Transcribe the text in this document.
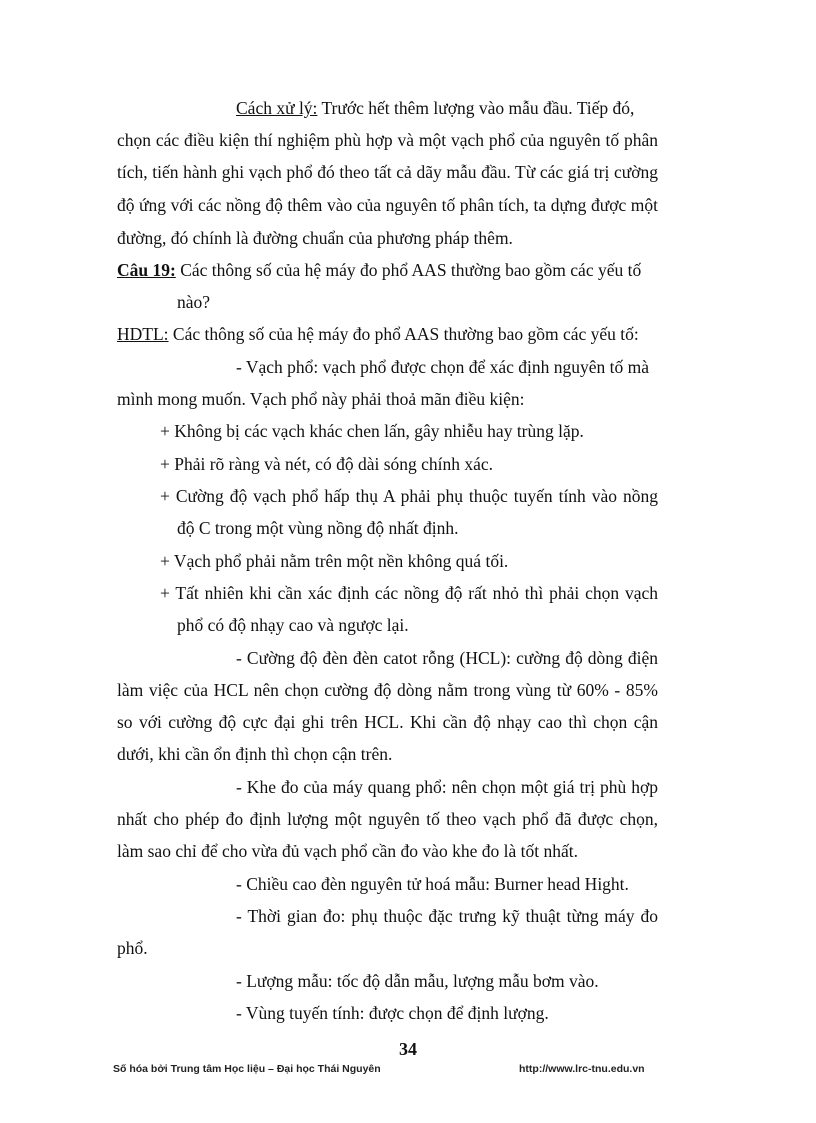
Cách xử lý: Trước hết thêm lượng vào mẫu đầu. Tiếp đó,
chọn các điều kiện thí nghiệm phù hợp và một vạch phổ của nguyên tố phân
tích, tiến hành ghi vạch phổ đó theo tất cả dãy mẫu đầu. Từ các giá trị cường
độ ứng với các nồng độ thêm vào của nguyên tố phân tích, ta dựng được một
đường, đó chính là đường chuẩn của phương pháp thêm.
Câu 19: Các thông số của hệ máy đo phổ AAS thường bao gồm các yếu tố
nào?
HDTL: Các thông số của hệ máy đo phổ AAS thường bao gồm các yếu tố:
- Vạch phổ: vạch phổ được chọn để xác định nguyên tố mà
mình mong muốn. Vạch phổ này phải thoả mãn điều kiện:
+ Không bị các vạch khác chen lấn, gây nhiễu hay trùng lặp.
+ Phải rõ ràng và nét, có độ dài sóng chính xác.
+ Cường độ vạch phổ hấp thụ A phải phụ thuộc tuyến tính vào nồng
độ C trong một vùng nồng độ nhất định.
+ Vạch phổ phải nằm trên một nền không quá tối.
+ Tất nhiên khi cần xác định các nồng độ rất nhỏ thì phải chọn vạch
phổ có độ nhạy cao và ngược lại.
- Cường độ đèn đèn catot rỗng (HCL): cường độ dòng điện
làm việc của HCL nên chọn cường độ dòng nằm trong vùng từ 60% - 85%
so với cường độ cực đại ghi trên HCL. Khi cần độ nhạy cao thì chọn cận
dưới, khi cần ổn định thì chọn cận trên.
- Khe đo của máy quang phổ: nên chọn một giá trị phù hợp
nhất cho phép đo định lượng một nguyên tố theo vạch phổ đã được chọn,
làm sao chỉ để cho vừa đủ vạch phổ cần đo vào khe đo là tốt nhất.
- Chiều cao đèn nguyên tử hoá mẫu: Burner head Hight.
- Thời gian đo: phụ thuộc đặc trưng kỹ thuật từng máy đo
phổ.
- Lượng mẫu: tốc độ dẫn mẫu, lượng mẫu bơm vào.
- Vùng tuyến tính: được chọn để định lượng.
34
Số hóa bởi Trung tâm Học liệu – Đại học Thái Nguyên	http://www.lrc-tnu.edu.vn
